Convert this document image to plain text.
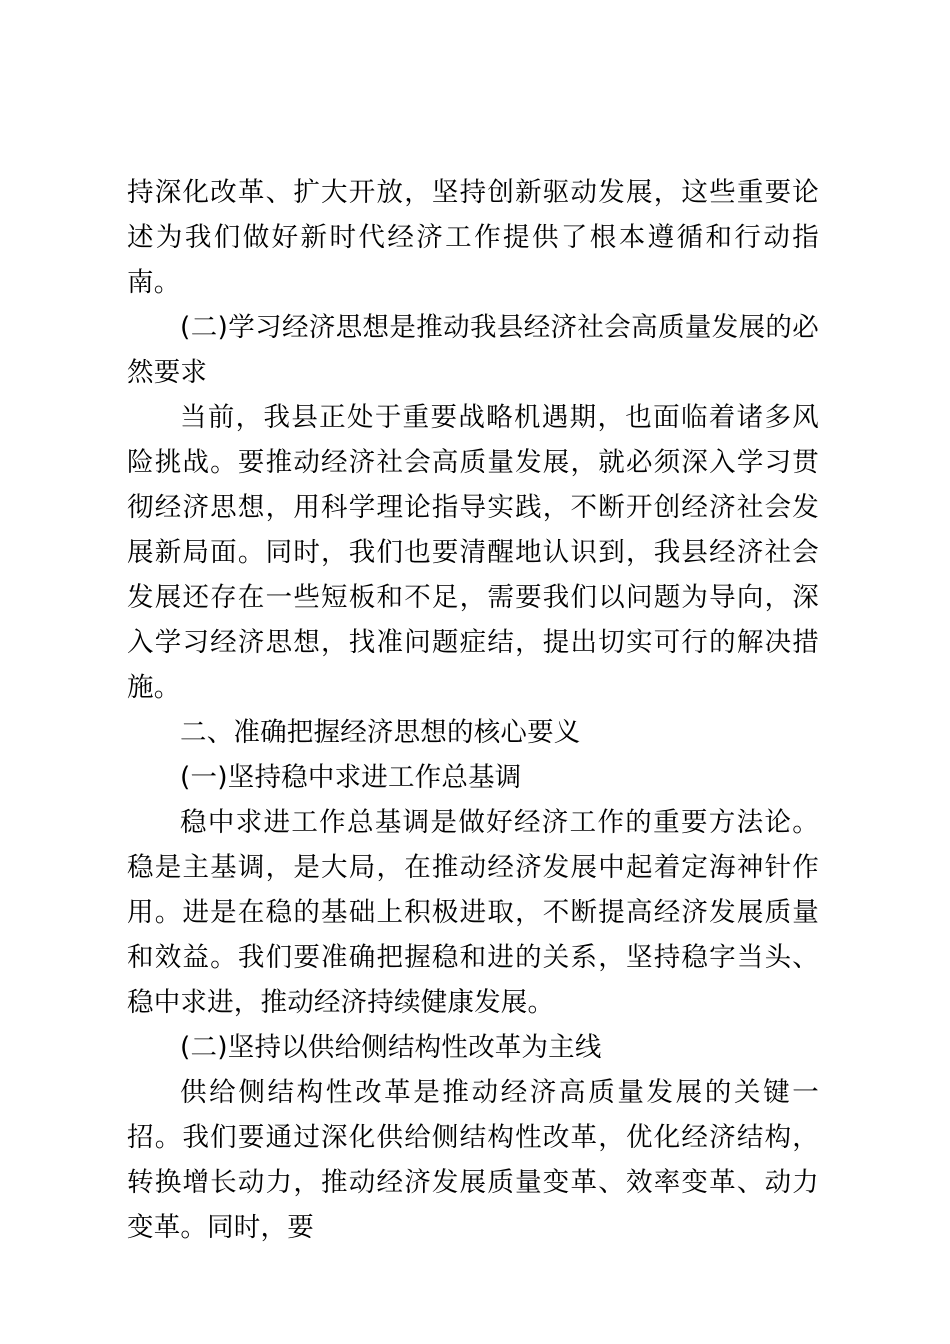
持深化改革、扩大开放，坚持创新驱动发展，这些重要论述为我们做好新时代经济工作提供了根本遵循和行动指南。

(二)学习经济思想是推动我县经济社会高质量发展的必然要求

当前，我县正处于重要战略机遇期，也面临着诸多风险挑战。要推动经济社会高质量发展，就必须深入学习贯彻经济思想，用科学理论指导实践，不断开创经济社会发展新局面。同时，我们也要清醒地认识到，我县经济社会发展还存在一些短板和不足，需要我们以问题为导向，深入学习经济思想，找准问题症结，提出切实可行的解决措施。

二、准确把握经济思想的核心要义

(一)坚持稳中求进工作总基调

稳中求进工作总基调是做好经济工作的重要方法论。稳是主基调，是大局，在推动经济发展中起着定海神针作用。进是在稳的基础上积极进取，不断提高经济发展质量和效益。我们要准确把握稳和进的关系，坚持稳字当头、稳中求进，推动经济持续健康发展。

(二)坚持以供给侧结构性改革为主线

供给侧结构性改革是推动经济高质量发展的关键一招。我们要通过深化供给侧结构性改革，优化经济结构，转换增长动力，推动经济发展质量变革、效率变革、动力变革。同时，要
